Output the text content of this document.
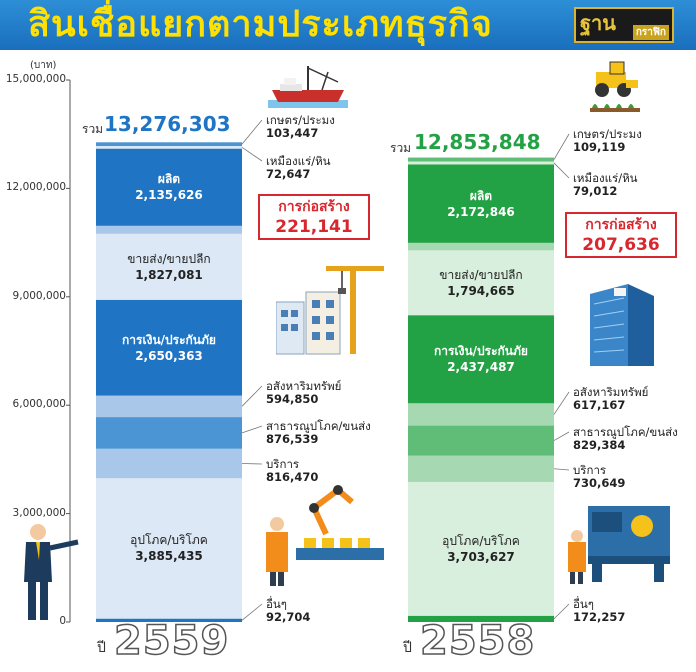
สินเชื่อแยกตามประเภทธุรกิจ	ฐาน	กราฟิก
(บาท)
15,000,000
12,000,000
9,000,000
6,000,000
3,000,000
0
อุปโภค/บริโภค
3,885,435
การเงิน/ประกันภัย
2,650,363
ขายส่ง/ขายปลีก
1,827,081
ผลิต
2,135,626
อื่นๆ
92,704
บริการ
816,470
สาธารณูปโภค/ขนส่ง
876,539
อสังหาริมทรัพย์
594,850
เหมืองแร่/หิน
72,647
เกษตร/ประมง
103,447
อุปโภค/บริโภค
3,703,627
การเงิน/ประกันภัย
2,437,487
ขายส่ง/ขายปลีก
1,794,665
ผลิต
2,172,846
อื่นๆ
172,257
บริการ
730,649
สาธารณูปโภค/ขนส่ง
829,384
อสังหาริมทรัพย์
617,167
เหมืองแร่/หิน
79,012
เกษตร/ประมง
109,119
รวม 13,276,303
รวม 12,853,848
ปี 2559	ปี 2558
การก่อสร้าง
221,141	การก่อสร้าง
207,636
